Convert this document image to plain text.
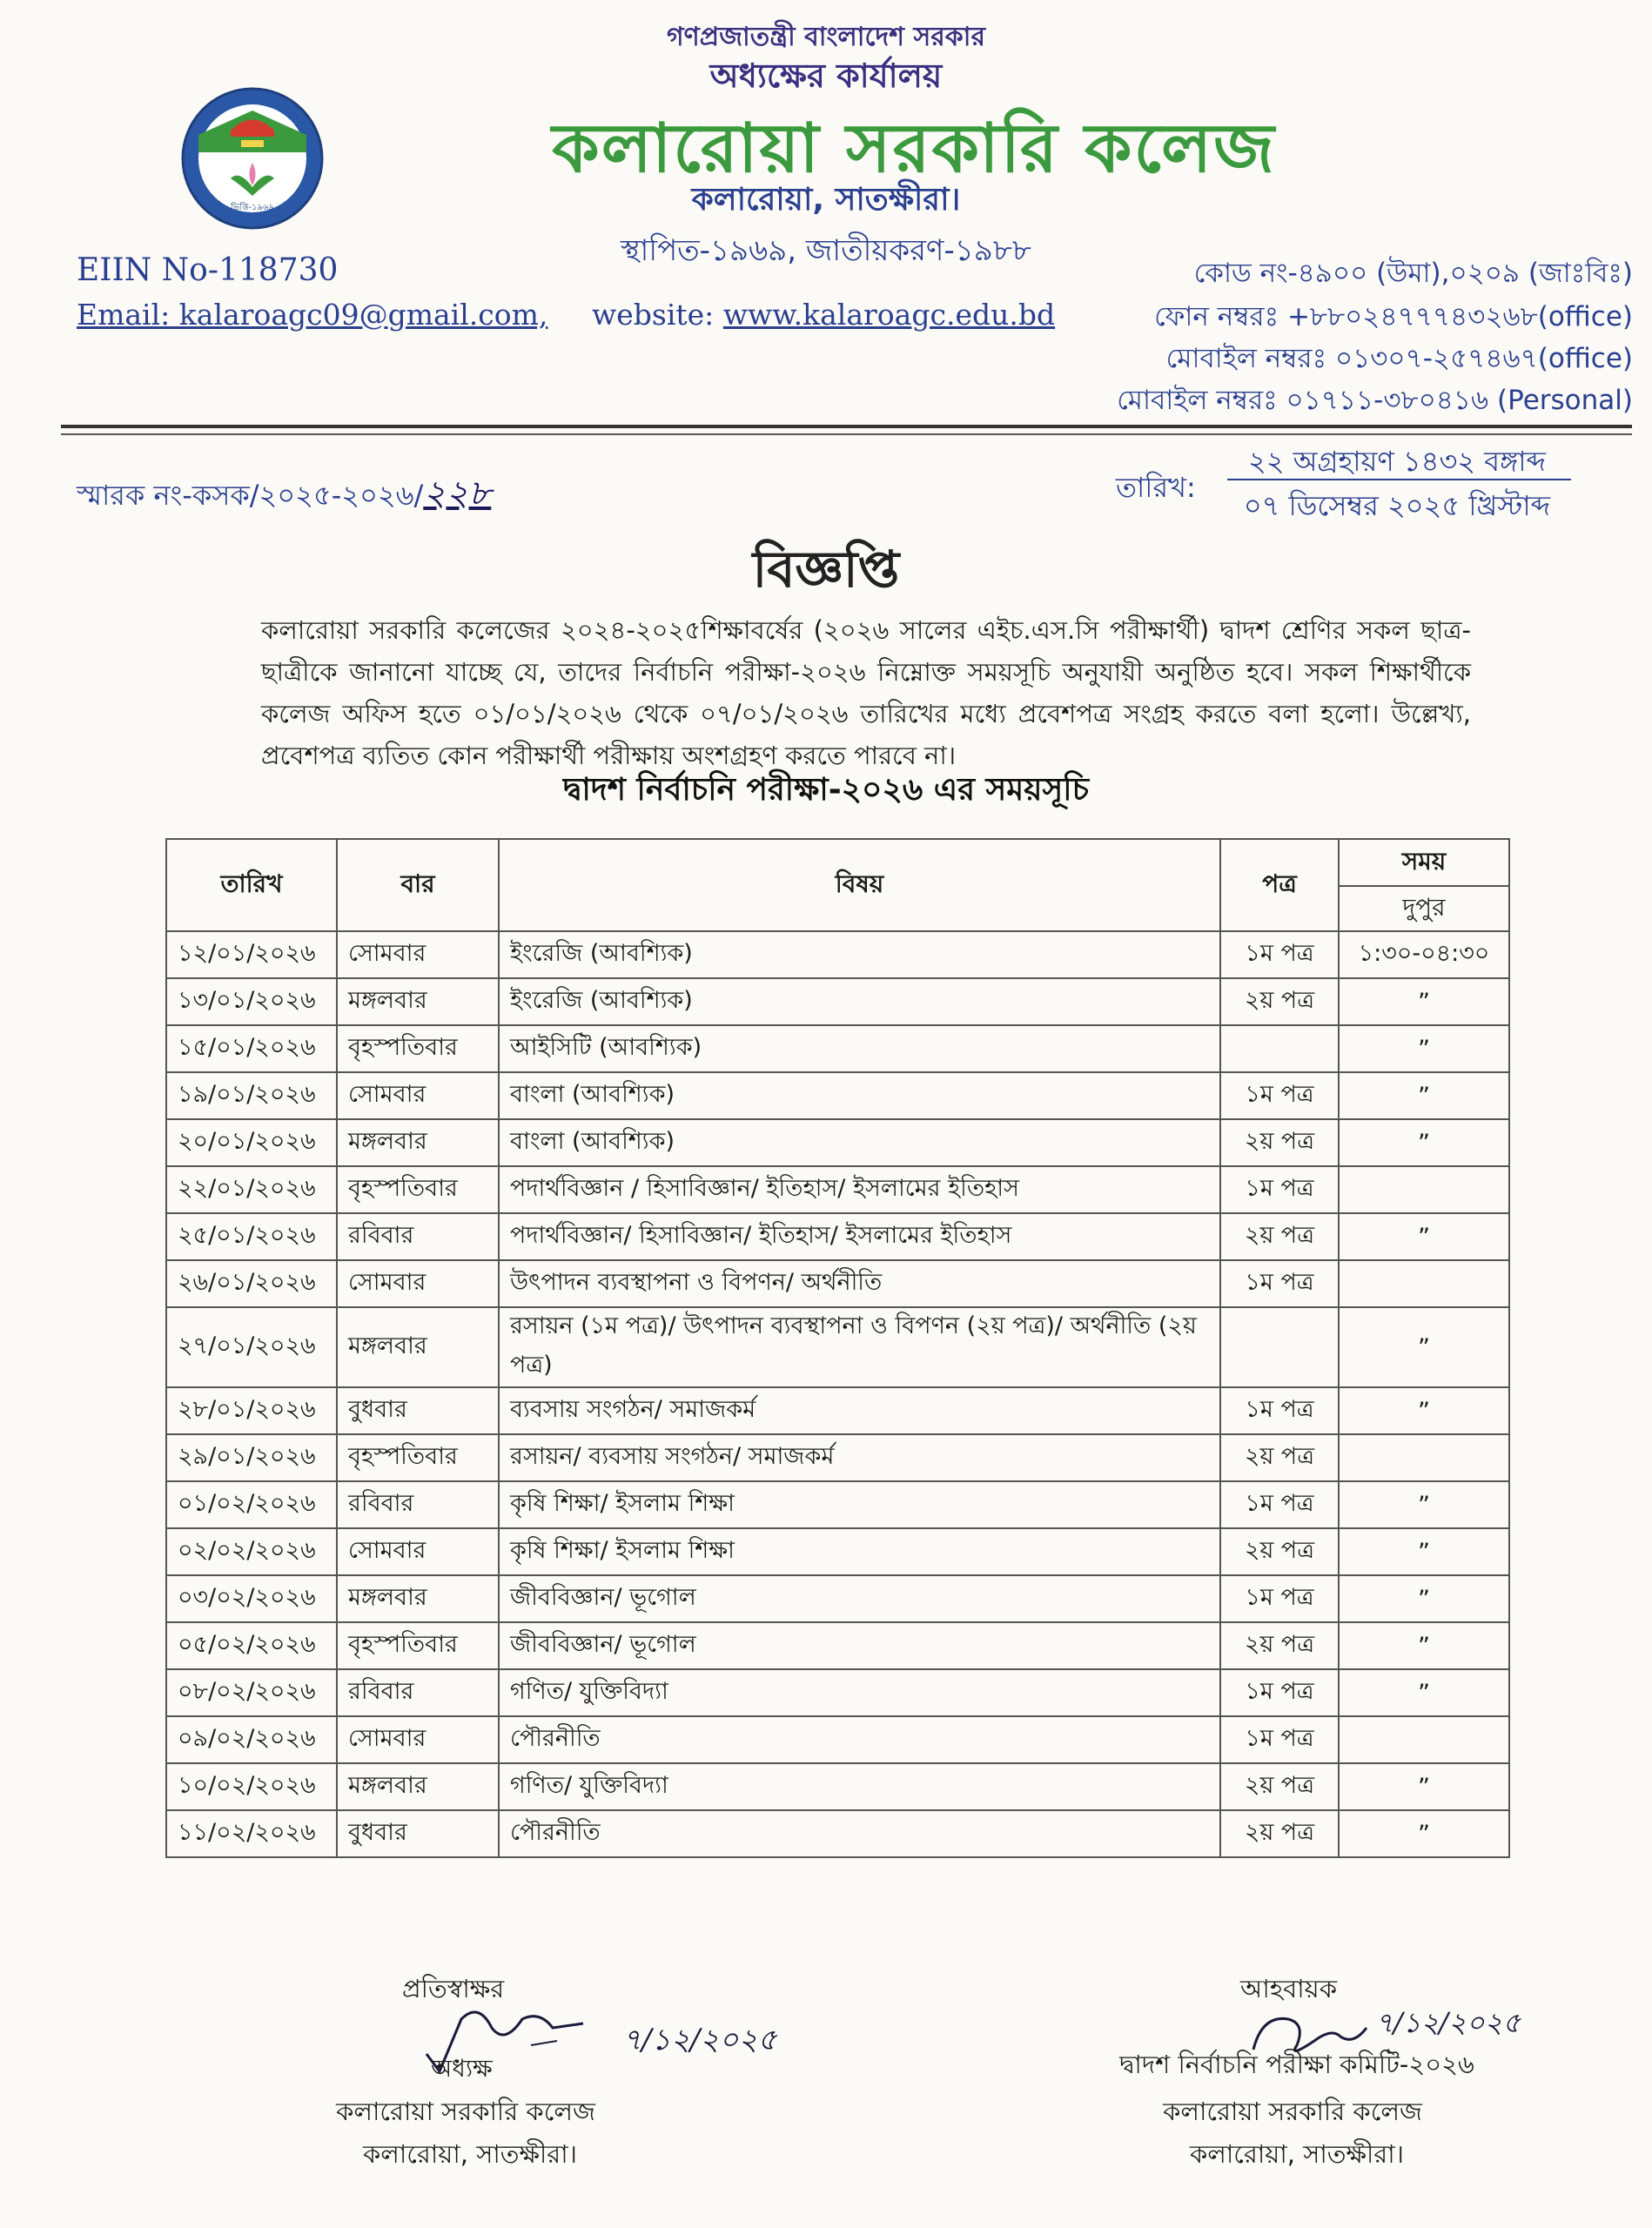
গণপ্রজাতন্ত্রী বাংলাদেশ সরকার
অধ্যক্ষের কার্যালয়
ভিত্তি-১৯৬৯
কলারোয়া সরকারি কলেজ
কলারোয়া, সাতক্ষীরা।
স্থাপিত-১৯৬৯, জাতীয়করণ-১৯৮৮
EIIN No-118730
Email: kalaroagc09@gmail.com, website: www.kalaroagc.edu.bd
কোড নং-৪৯০০ (উমা),০২০৯ (জাঃবিঃ)
ফোন নম্বরঃ +৮৮০২৪৭৭৭৪৩২৬৮(office)
মোবাইল নম্বরঃ ০১৩০৭-২৫৭৪৬৭(office)
মোবাইল নম্বরঃ ০১৭১১-৩৮০৪১৬ (Personal)
স্মারক নং-কসক/২০২৫-২০২৬/২২৮	তারিখ:
২২ অগ্রহায়ণ ১৪৩২ বঙ্গাব্দ
০৭ ডিসেম্বর ২০২৫ খ্রিস্টাব্দ
বিজ্ঞপ্তি
কলারোয়া সরকারি কলেজের ২০২৪-২০২৫শিক্ষাবর্ষের (২০২৬ সালের এইচ.এস.সি পরীক্ষার্থী) দ্বাদশ শ্রেণির সকল ছাত্র-ছাত্রীকে জানানো যাচ্ছে যে, তাদের নির্বাচনি পরীক্ষা-২০২৬ নিম্নোক্ত সময়সূচি অনুযায়ী অনুষ্ঠিত হবে। সকল শিক্ষার্থীকে কলেজ অফিস হতে ০১/০১/২০২৬ থেকে ০৭/০১/২০২৬ তারিখের মধ্যে প্রবেশপত্র সংগ্রহ করতে বলা হলো। উল্লেখ্য, প্রবেশপত্র ব্যতিত কোন পরীক্ষার্থী পরীক্ষায় অংশগ্রহণ করতে পারবে না।
দ্বাদশ নির্বাচনি পরীক্ষা-২০২৬ এর সময়সূচি
তারিখ	বার	বিষয়	পত্র	সময়
				দুপুর
১২/০১/২০২৬	সোমবার	ইংরেজি (আবশ্যিক)	১ম পত্র	১:৩০-০৪:৩০
১৩/০১/২০২৬	মঙ্গলবার	ইংরেজি (আবশ্যিক)	২য় পত্র	”
১৫/০১/২০২৬	বৃহস্পতিবার	আইসিটি (আবশ্যিক)		”
১৯/০১/২০২৬	সোমবার	বাংলা (আবশ্যিক)	১ম পত্র	”
২০/০১/২০২৬	মঙ্গলবার	বাংলা (আবশ্যিক)	২য় পত্র	”
২২/০১/২০২৬	বৃহস্পতিবার	পদার্থবিজ্ঞান / হিসাবিজ্ঞান/ ইতিহাস/ ইসলামের ইতিহাস	১ম পত্র	
২৫/০১/২০২৬	রবিবার	পদার্থবিজ্ঞান/ হিসাবিজ্ঞান/ ইতিহাস/ ইসলামের ইতিহাস	২য় পত্র	”
২৬/০১/২০২৬	সোমবার	উৎপাদন ব্যবস্থাপনা ও বিপণন/ অর্থনীতি	১ম পত্র	
২৭/০১/২০২৬	মঙ্গলবার	রসায়ন (১ম পত্র)/ উৎপাদন ব্যবস্থাপনা ও বিপণন (২য় পত্র)/ অর্থনীতি (২য় পত্র)		”
২৮/০১/২০২৬	বুধবার	ব্যবসায় সংগঠন/ সমাজকর্ম	১ম পত্র	”
২৯/০১/২০২৬	বৃহস্পতিবার	রসায়ন/ ব্যবসায় সংগঠন/ সমাজকর্ম	২য় পত্র	
০১/০২/২০২৬	রবিবার	কৃষি শিক্ষা/ ইসলাম শিক্ষা	১ম পত্র	”
০২/০২/২০২৬	সোমবার	কৃষি শিক্ষা/ ইসলাম শিক্ষা	২য় পত্র	”
০৩/০২/২০২৬	মঙ্গলবার	জীববিজ্ঞান/ ভূগোল	১ম পত্র	”
০৫/০২/২০২৬	বৃহস্পতিবার	জীববিজ্ঞান/ ভূগোল	২য় পত্র	”
০৮/০২/২০২৬	রবিবার	গণিত/ যুক্তিবিদ্যা	১ম পত্র	”
০৯/০২/২০২৬	সোমবার	পৌরনীতি	১ম পত্র	
১০/০২/২০২৬	মঙ্গলবার	গণিত/ যুক্তিবিদ্যা	২য় পত্র	”
১১/০২/২০২৬	বুধবার	পৌরনীতি	২য় পত্র	”
প্রতিস্বাক্ষর
৭/১২/২০২৫
অধ্যক্ষ
কলারোয়া সরকারি কলেজ
কলারোয়া, সাতক্ষীরা।
আহবায়ক
৭/১২/২০২৫
দ্বাদশ নির্বাচনি পরীক্ষা কমিটি-২০২৬
কলারোয়া সরকারি কলেজ
কলারোয়া, সাতক্ষীরা।
